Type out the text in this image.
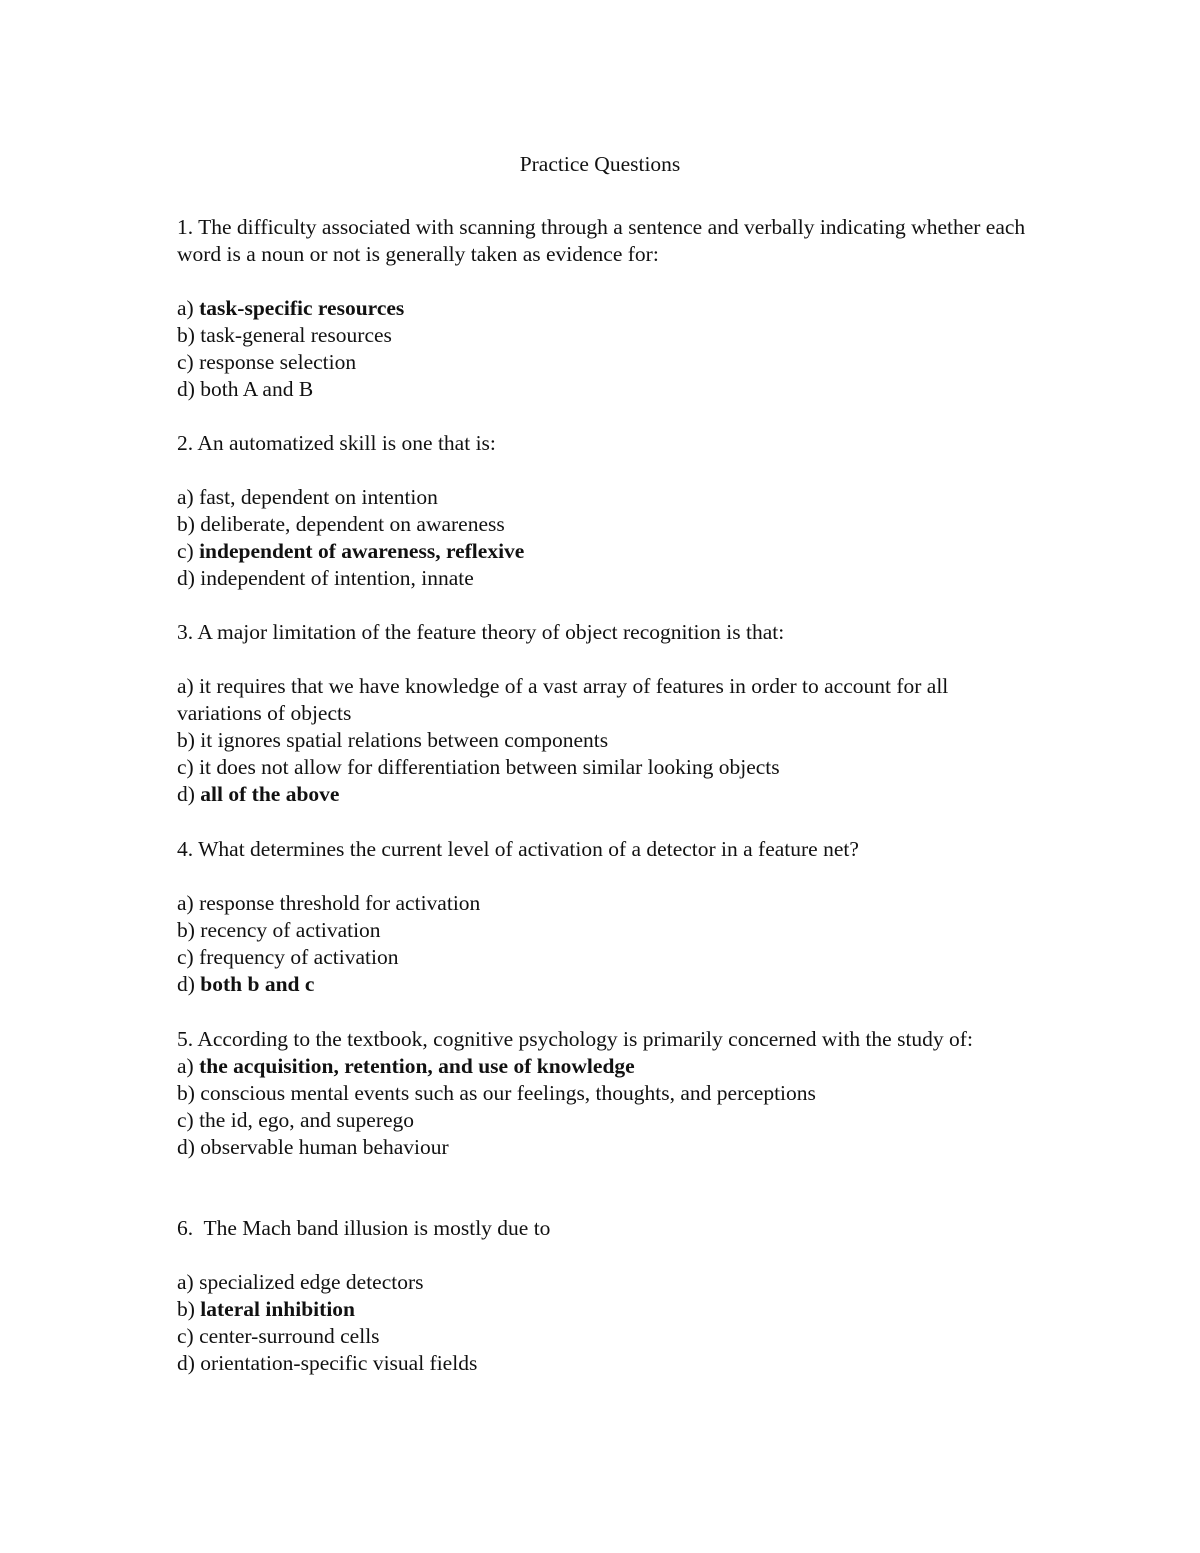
Practice Questions

1. The difficulty associated with scanning through a sentence and verbally indicating whether each word is a noun or not is generally taken as evidence for:

a) task-specific resources
b) task-general resources
c) response selection
d) both A and B

2. An automatized skill is one that is:

a) fast, dependent on intention
b) deliberate, dependent on awareness
c) independent of awareness, reflexive
d) independent of intention, innate

3. A major limitation of the feature theory of object recognition is that:

a) it requires that we have knowledge of a vast array of features in order to account for all variations of objects
b) it ignores spatial relations between components
c) it does not allow for differentiation between similar looking objects
d) all of the above

4. What determines the current level of activation of a detector in a feature net?

a) response threshold for activation
b) recency of activation
c) frequency of activation
d) both b and c

5. According to the textbook, cognitive psychology is primarily concerned with the study of:

a) the acquisition, retention, and use of knowledge
b) conscious mental events such as our feelings, thoughts, and perceptions
c) the id, ego, and superego
d) observable human behaviour

6.  The Mach band illusion is mostly due to

a) specialized edge detectors
b) lateral inhibition
c) center-surround cells
d) orientation-specific visual fields
